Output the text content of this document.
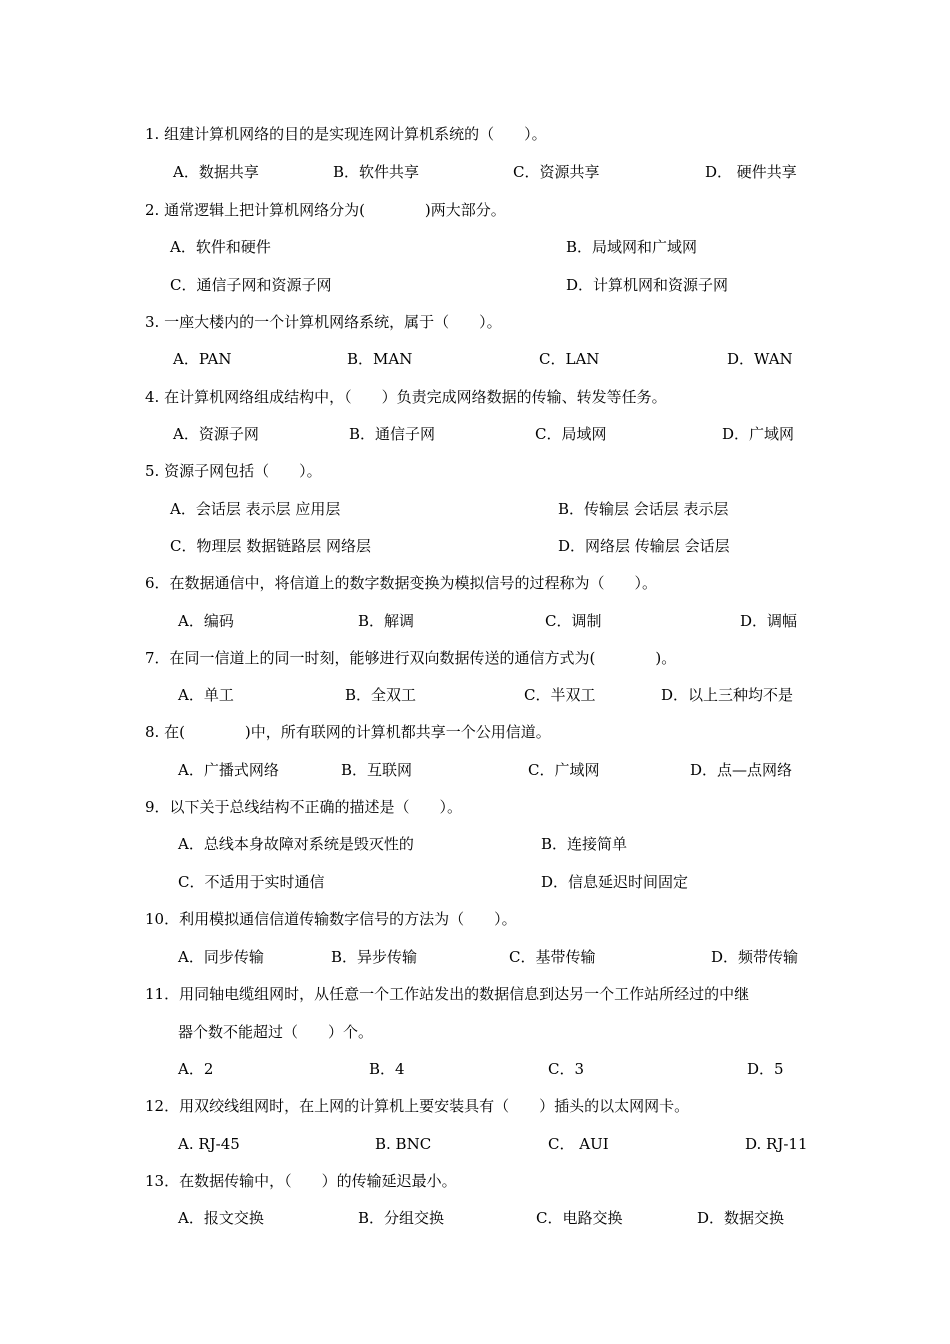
1. 组建计算机网络的目的是实现连网计算机系统的（　　）。
A．数据共享	B．软件共享	C．资源共享	D． 硬件共享
2. 通常逻辑上把计算机网络分为(　　　　)两大部分。
A．软件和硬件	B．局域网和广域网
C．通信子网和资源子网	D．计算机网和资源子网
3. 一座大楼内的一个计算机网络系统，属于（　　）。
A．PAN	B．MAN	C．LAN	D．WAN
4. 在计算机网络组成结构中，（　　）负责完成网络数据的传输、转发等任务。
A．资源子网	B．通信子网	C．局域网	D．广域网
5. 资源子网包括（　　）。
A．会话层 表示层 应用层	B．传输层 会话层 表示层
C．物理层 数据链路层 网络层	D．网络层 传输层 会话层
6．在数据通信中，将信道上的数字数据变换为模拟信号的过程称为（　　）。
A．编码	B．解调	C．调制	D．调幅
7．在同一信道上的同一时刻，能够进行双向数据传送的通信方式为(　　　　)。
A．单工	B．全双工	C．半双工	D．以上三种均不是
8. 在(　　　　)中，所有联网的计算机都共享一个公用信道。
A．广播式网络	B．互联网	C．广域网	D．点—点网络
9．以下关于总线结构不正确的描述是（　　）。
A．总线本身故障对系统是毁灭性的	B．连接简单
C．不适用于实时通信	D．信息延迟时间固定
10．利用模拟通信信道传输数字信号的方法为（　　）。
A．同步传输	B．异步传输	C．基带传输	D．频带传输
11．用同轴电缆组网时，从任意一个工作站发出的数据信息到达另一个工作站所经过的中继
器个数不能超过（　　）个。
A．2	B．4	C．3	D．5
12．用双绞线组网时，在上网的计算机上要安装具有（　　）插头的以太网网卡。
A. RJ-45	B. BNC	C． AUI	D. RJ-11
13．在数据传输中，（　　）的传输延迟最小。
A．报文交换	B．分组交换	C．电路交换	D．数据交换
